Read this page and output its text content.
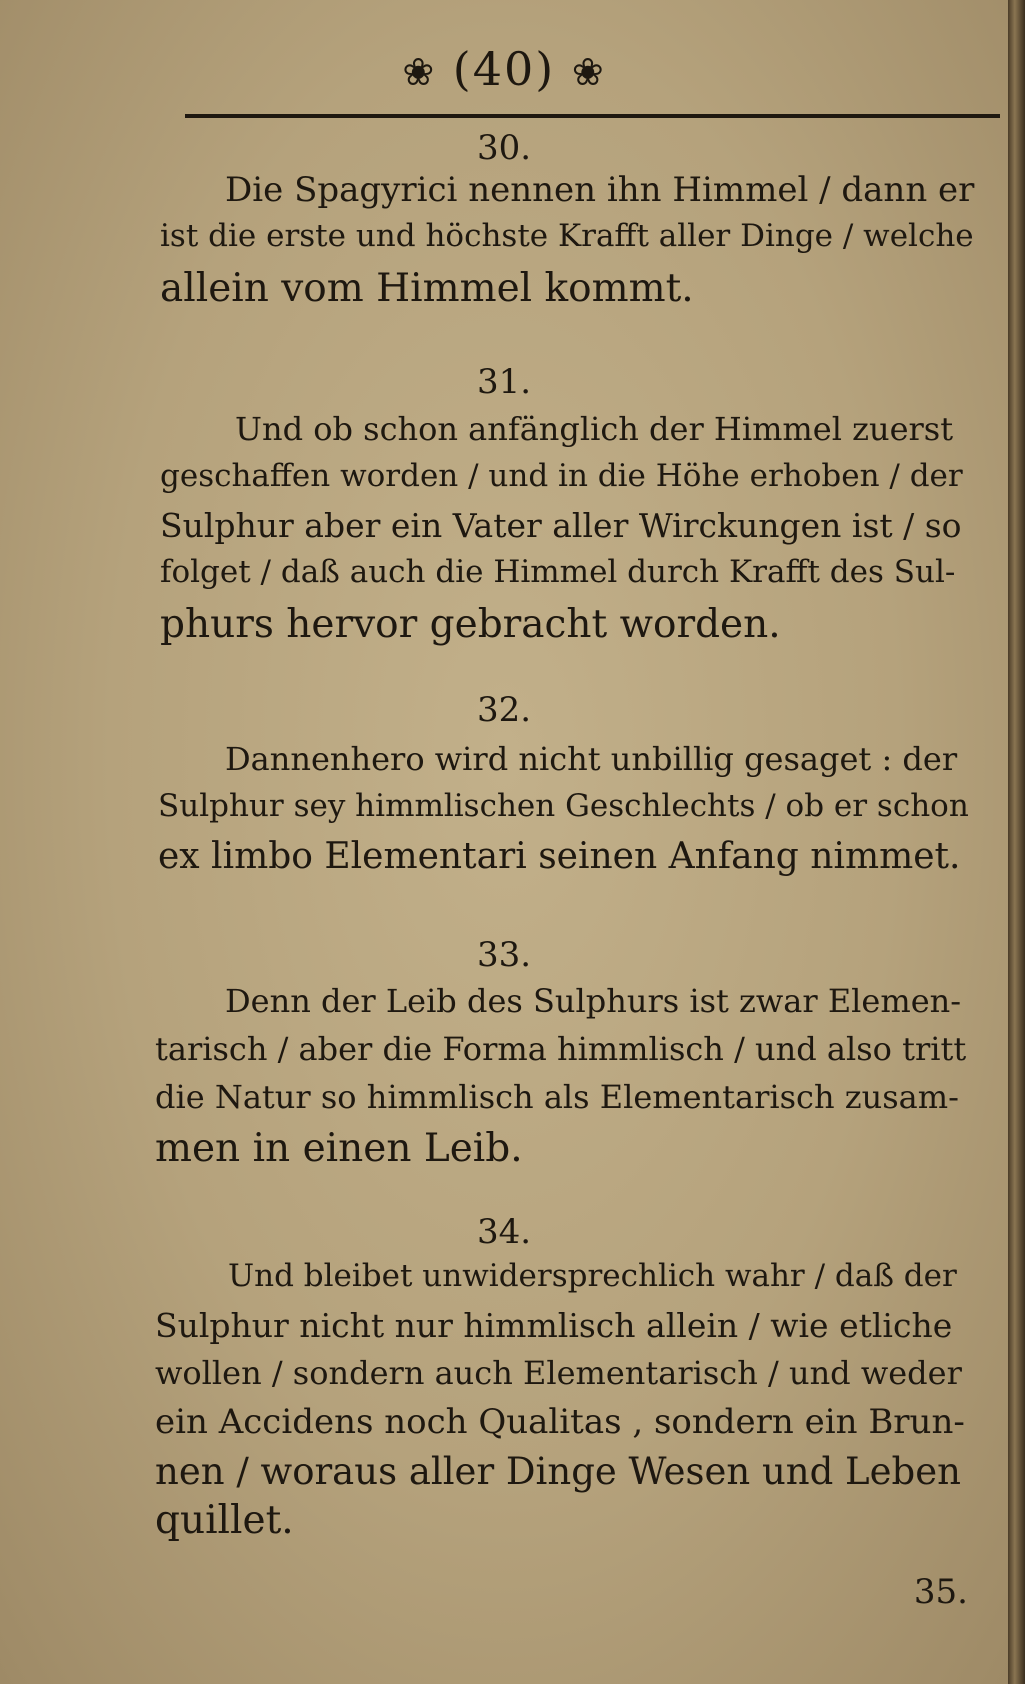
❀ (40) ❀
30.
Die Spagyrici nennen ihn Himmel / dann er
ist die erste und höchste Krafft aller Dinge / welche
allein vom Himmel kommt.
31.
Und ob schon anfänglich der Himmel zuerst
geschaffen worden / und in die Höhe erhoben / der
Sulphur aber ein Vater aller Wirckungen ist / so
folget / daß auch die Himmel durch Krafft des Sul-
phurs hervor gebracht worden.
32.
Dannenhero wird nicht unbillig gesaget : der
Sulphur sey himmlischen Geschlechts / ob er schon
ex limbo Elementari seinen Anfang nimmet.
33.
Denn der Leib des Sulphurs ist zwar Elemen-
tarisch / aber die Forma himmlisch / und also tritt
die Natur so himmlisch als Elementarisch zusam-
men in einen Leib.
34.
Und bleibet unwidersprechlich wahr / daß der
Sulphur nicht nur himmlisch allein / wie etliche
wollen / sondern auch Elementarisch / und weder
ein Accidens noch Qualitas , sondern ein Brun-
nen / woraus aller Dinge Wesen und Leben
quillet.
35.
